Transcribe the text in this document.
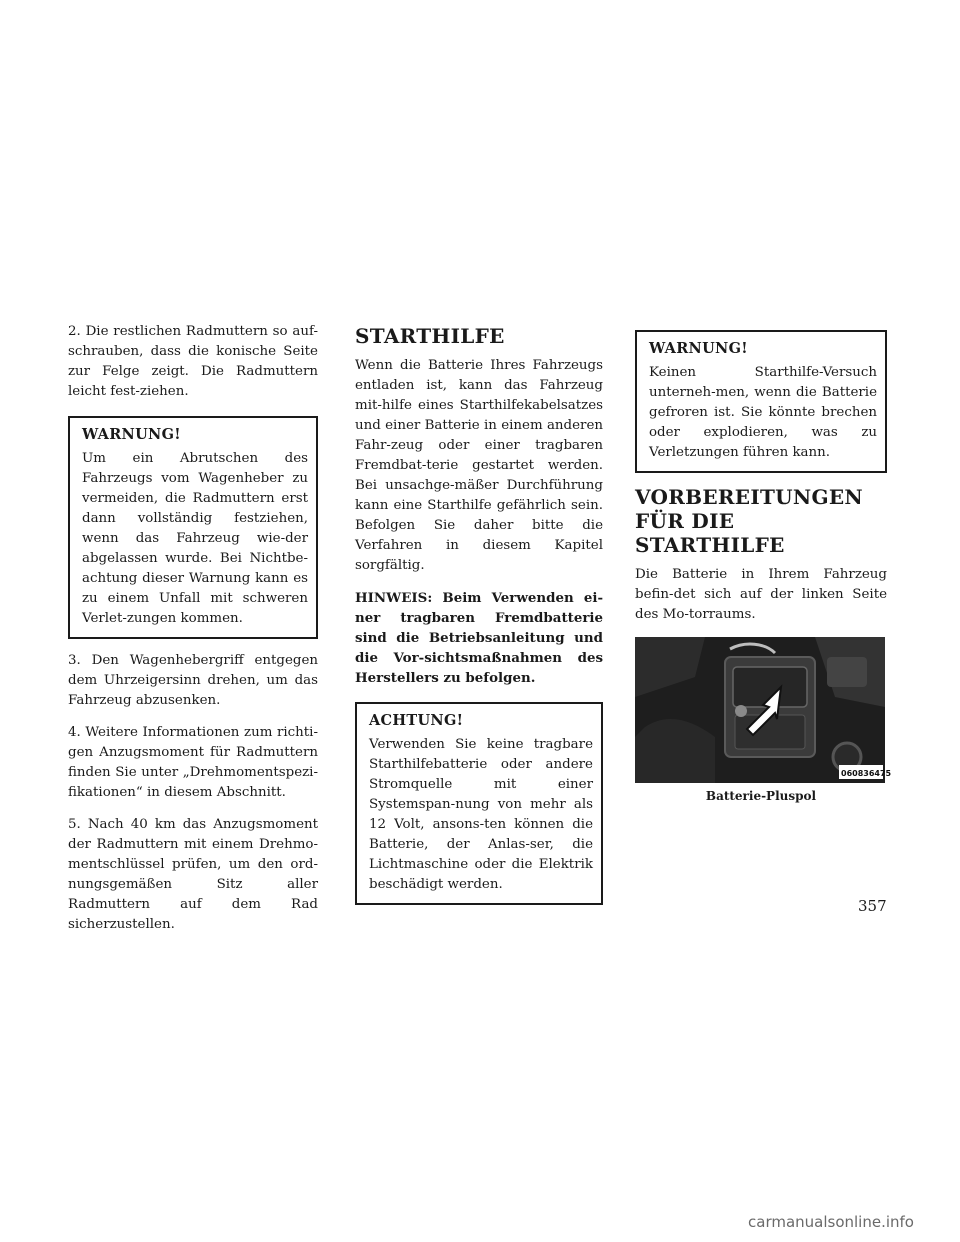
2. Die restlichen Radmuttern so auf-schrauben, dass die konische Seite zur Felge zeigt. Die Radmuttern leicht fest-ziehen.

WARNUNG!

Um ein Abrutschen des Fahrzeugs vom Wagenheber zu vermeiden, die Radmuttern erst dann vollständig festziehen, wenn das Fahrzeug wie-der abgelassen wurde. Bei Nichtbe-achtung dieser Warnung kann es zu einem Unfall mit schweren Verlet-zungen kommen.

3. Den Wagenhebergriff entgegen dem Uhrzeigersinn drehen, um das Fahrzeug abzusenken.

4. Weitere Informationen zum richti-gen Anzugsmoment für Radmuttern finden Sie unter „Drehmomentspezi-fikationen“ in diesem Abschnitt.

5. Nach 40 km das Anzugsmoment der Radmuttern mit einem Drehmo-mentschlüssel prüfen, um den ord-nungsgemäßen Sitz aller Radmuttern auf dem Rad sicherzustellen.

STARTHILFE

Wenn die Batterie Ihres Fahrzeugs entladen ist, kann das Fahrzeug mit-hilfe eines Starthilfekabelsatzes und einer Batterie in einem anderen Fahr-zeug oder einer tragbaren Fremdbat-terie gestartet werden. Bei unsachge-mäßer Durchführung kann eine Starthilfe gefährlich sein. Befolgen Sie daher bitte die Verfahren in diesem Kapitel sorgfältig.

HINWEIS: Beim Verwenden ei-ner tragbaren Fremdbatterie sind die Betriebsanleitung und die Vor-sichtsmaßnahmen des Herstellers zu befolgen.

ACHTUNG!

Verwenden Sie keine tragbare Starthilfebatterie oder andere Stromquelle mit einer Systemspan-nung von mehr als 12 Volt, ansons-ten können die Batterie, der Anlas-ser, die Lichtmaschine oder die Elektrik beschädigt werden.

WARNUNG!

Keinen Starthilfe-Versuch unterneh-men, wenn die Batterie gefroren ist. Sie könnte brechen oder explodieren, was zu Verletzungen führen kann.

VORBEREITUNGEN FÜR DIE STARTHILFE

Die Batterie in Ihrem Fahrzeug befin-det sich auf der linken Seite des Mo-torraums.

060836475
Batterie-Pluspol
357
carmanualsonline.info
